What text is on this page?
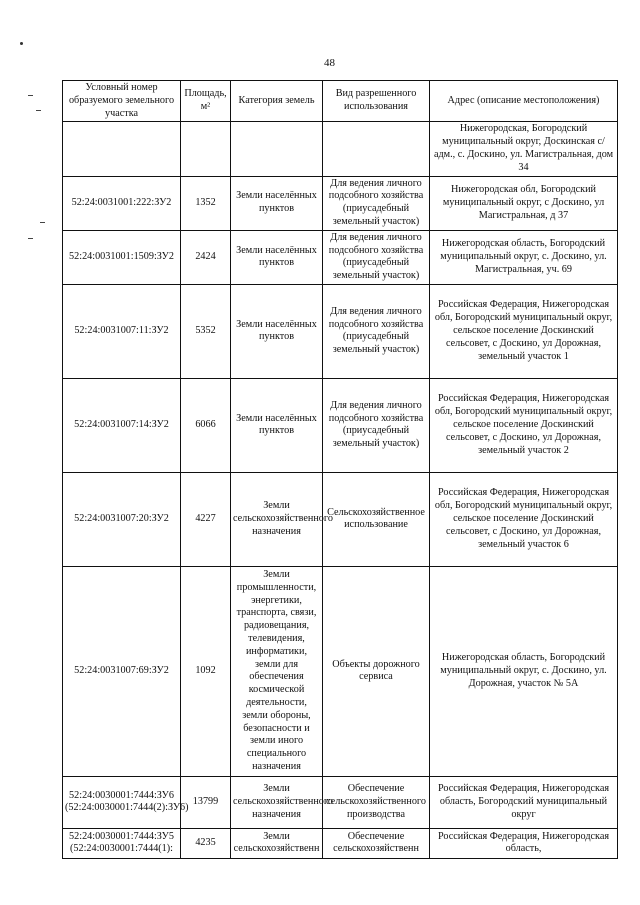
48
Условный номер образуемого земельного участка	Площадь, м²	Категория земель	Вид разрешенного использования	Адрес (описание местоположения)
				Нижегородская, Богородский муниципальный округ, Доскинская с/адм., с. Доскино, ул. Магистральная, дом 34
52:24:0031001:222:ЗУ2	1352	Земли населённых пунктов	Для ведения личного подсобного хозяйства (приусадебный земельный участок)	Нижегородская обл, Богородский муниципальный округ, с Доскино, ул Магистральная, д 37
52:24:0031001:1509:ЗУ2	2424	Земли населённых пунктов	Для ведения личного подсобного хозяйства (приусадебный земельный участок)	Нижегородская область, Богородский муниципальный округ, с. Доскино, ул. Магистральная, уч. 69
52:24:0031007:11:ЗУ2	5352	Земли населённых пунктов	Для ведения личного подсобного хозяйства (приусадебный земельный участок)	Российская Федерация, Нижегородская обл, Богородский муниципальный округ, сельское поселение Доскинский сельсовет, с Доскино, ул Дорожная, земельный участок 1
52:24:0031007:14:ЗУ2	6066	Земли населённых пунктов	Для ведения личного подсобного хозяйства (приусадебный земельный участок)	Российская Федерация, Нижегородская обл, Богородский муниципальный округ, сельское поселение Доскинский сельсовет, с Доскино, ул Дорожная, земельный участок 2
52:24:0031007:20:ЗУ2	4227	Земли сельскохозяйственного назначения	Сельскохозяйственное использование	Российская Федерация, Нижегородская обл, Богородский муниципальный округ, сельское поселение Доскинский сельсовет, с Доскино, ул Дорожная, земельный участок 6
52:24:0031007:69:ЗУ2	1092	Земли промышленности, энергетики, транспорта, связи, радиовещания, телевидения, информатики, земли для обеспечения космической деятельности, земли обороны, безопасности и земли иного специального назначения	Объекты дорожного сервиса	Нижегородская область, Богородский муниципальный округ, с. Доскино, ул. Дорожная, участок № 5А
52:24:0030001:7444:ЗУ6 (52:24:0030001:7444(2):ЗУ6)	13799	Земли сельскохозяйственного назначения	Обеспечение сельскохозяйственного производства	Российская Федерация, Нижегородская область, Богородский муниципальный округ
52:24:0030001:7444:ЗУ5 (52:24:0030001:7444(1):	4235	Земли сельскохозяйственн	Обеспечение сельскохозяйственн	Российская Федерация, Нижегородская область,
